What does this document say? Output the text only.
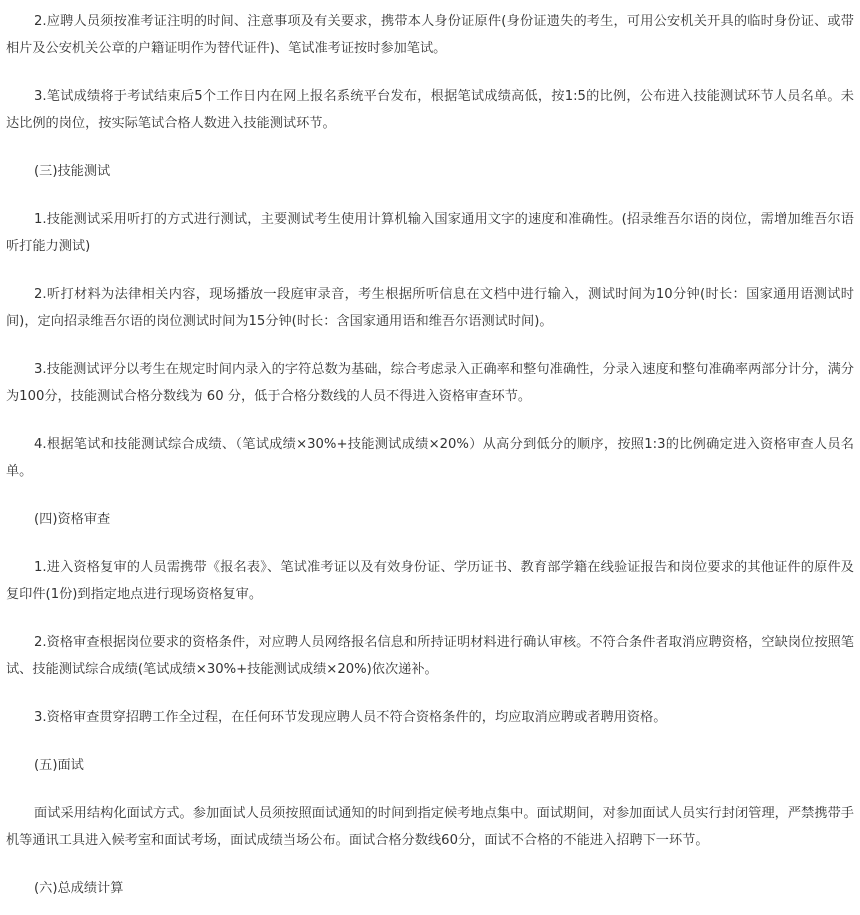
2.应聘人员须按准考证注明的时间、注意事项及有关要求，携带本人身份证原件(身份证遗失的考生，可用公安机关开具的临时身份证、或带相片及公安机关公章的户籍证明作为替代证件)、笔试准考证按时参加笔试。

3.笔试成绩将于考试结束后5个工作日内在网上报名系统平台发布，根据笔试成绩高低，按1:5的比例，公布进入技能测试环节人员名单。未达比例的岗位，按实际笔试合格人数进入技能测试环节。

(三)技能测试

1.技能测试采用听打的方式进行测试，主要测试考生使用计算机输入国家通用文字的速度和准确性。(招录维吾尔语的岗位，需增加维吾尔语听打能力测试)

2.听打材料为法律相关内容，现场播放一段庭审录音，考生根据所听信息在文档中进行输入，测试时间为10分钟(时长：国家通用语测试时间)，定向招录维吾尔语的岗位测试时间为15分钟(时长：含国家通用语和维吾尔语测试时间)。

3.技能测试评分以考生在规定时间内录入的字符总数为基础，综合考虑录入正确率和整句准确性，分录入速度和整句准确率两部分计分，满分为100分，技能测试合格分数线为 60 分，低于合格分数线的人员不得进入资格审查环节。

4.根据笔试和技能测试综合成绩、（笔试成绩×30%+技能测试成绩×20%）从高分到低分的顺序，按照1:3的比例确定进入资格审查人员名单。

(四)资格审查

1.进入资格复审的人员需携带《报名表》、笔试准考证以及有效身份证、学历证书、教育部学籍在线验证报告和岗位要求的其他证件的原件及复印件(1份)到指定地点进行现场资格复审。

2.资格审查根据岗位要求的资格条件，对应聘人员网络报名信息和所持证明材料进行确认审核。不符合条件者取消应聘资格，空缺岗位按照笔试、技能测试综合成绩(笔试成绩×30%+技能测试成绩×20%)依次递补。

3.资格审查贯穿招聘工作全过程，在任何环节发现应聘人员不符合资格条件的，均应取消应聘或者聘用资格。

(五)面试

面试采用结构化面试方式。参加面试人员须按照面试通知的时间到指定候考地点集中。面试期间，对参加面试人员实行封闭管理，严禁携带手机等通讯工具进入候考室和面试考场，面试成绩当场公布。面试合格分数线60分，面试不合格的不能进入招聘下一环节。

(六)总成绩计算
